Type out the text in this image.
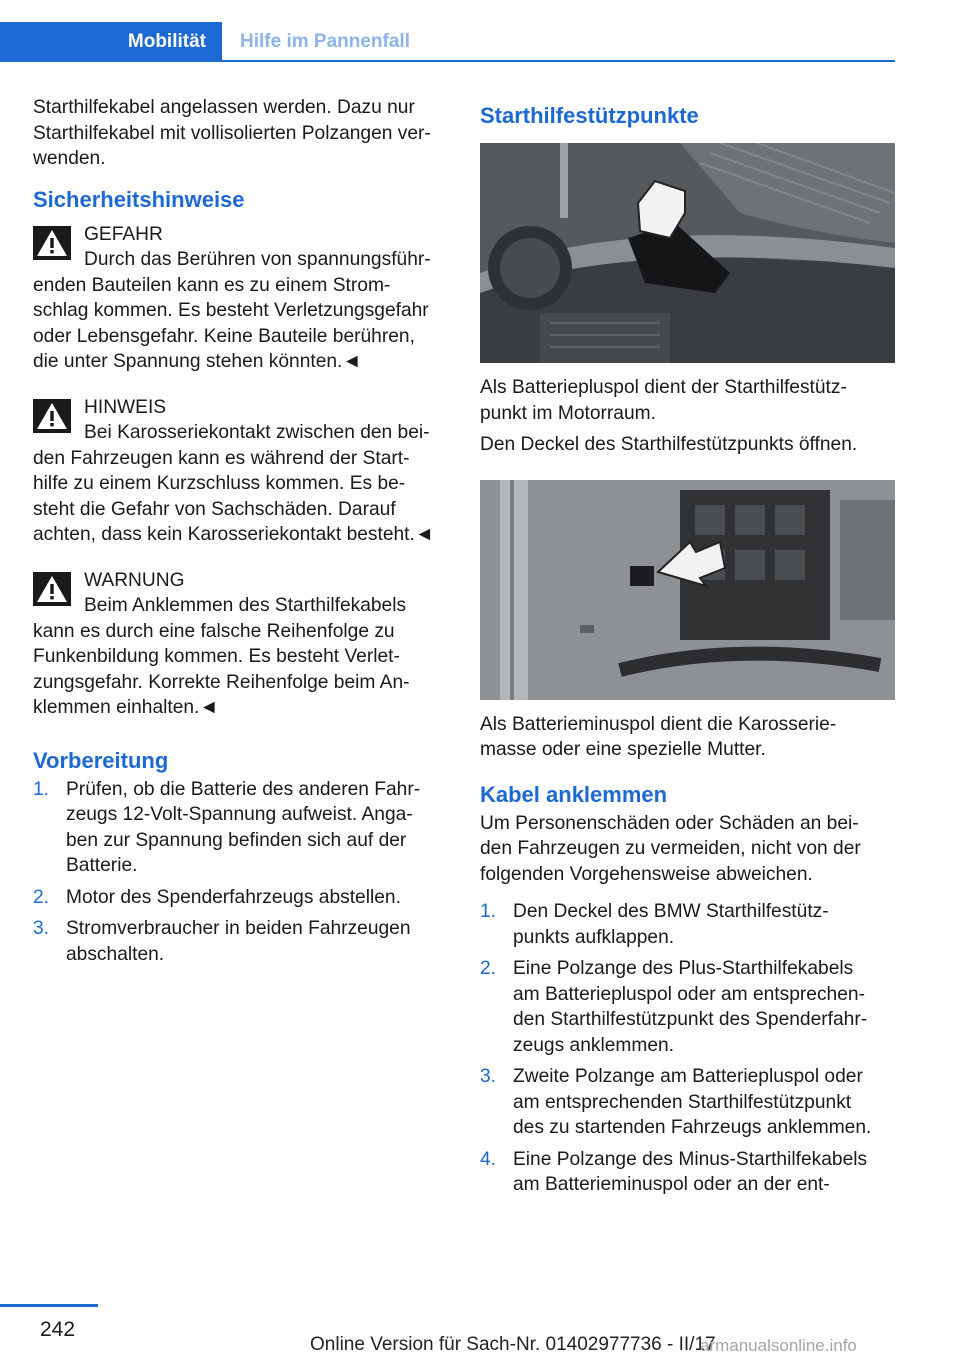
Mobilität	Hilfe im Pannenfall

Starthilfekabel angelassen werden. Dazu nur
Starthilfekabel mit vollisolierten Polzangen ver-
wenden.

Sicherheitshinweise

GEFAHR

Durch das Berühren von spannungsführ-
enden Bauteilen kann es zu einem Strom-
schlag kommen. Es besteht Verletzungsgefahr
oder Lebensgefahr. Keine Bauteile berühren,
die unter Spannung stehen könnten.◄

HINWEIS

Bei Karosseriekontakt zwischen den bei-
den Fahrzeugen kann es während der Start-
hilfe zu einem Kurzschluss kommen. Es be-
steht die Gefahr von Sachschäden. Darauf
achten, dass kein Karosseriekontakt besteht.◄

WARNUNG

Beim Anklemmen des Starthilfekabels
kann es durch eine falsche Reihenfolge zu
Funkenbildung kommen. Es besteht Verlet-
zungsgefahr. Korrekte Reihenfolge beim An-
klemmen einhalten.◄

Vorbereitung
1. Prüfen, ob die Batterie des anderen Fahr-
zeugs 12-Volt-Spannung aufweist. Anga-
ben zur Spannung befinden sich auf der
Batterie.
2. Motor des Spenderfahrzeugs abstellen.
3. Stromverbraucher in beiden Fahrzeugen
abschalten.
Starthilfestützpunkte

Als Batteriepluspol dient der Starthilfestütz-
punkt im Motorraum.

Den Deckel des Starthilfestützpunkts öffnen.

Als Batterieminuspol dient die Karosserie-
masse oder eine spezielle Mutter.

Kabel anklemmen

Um Personenschäden oder Schäden an bei-
den Fahrzeugen zu vermeiden, nicht von der
folgenden Vorgehensweise abweichen.

1. Den Deckel des BMW Starthilfestütz-
punkts aufklappen.
2. Eine Polzange des Plus-Starthilfekabels
am Batteriepluspol oder am entsprechen-
den Starthilfestützpunkt des Spenderfahr-
zeugs anklemmen.
3. Zweite Polzange am Batteriepluspol oder
am entsprechenden Starthilfestützpunkt
des zu startenden Fahrzeugs anklemmen.
4. Eine Polzange des Minus-Starthilfekabels
am Batterieminuspol oder an der ent-
242
Online Version für Sach-Nr. 01402977736 - II/17
armanualsonline.info
